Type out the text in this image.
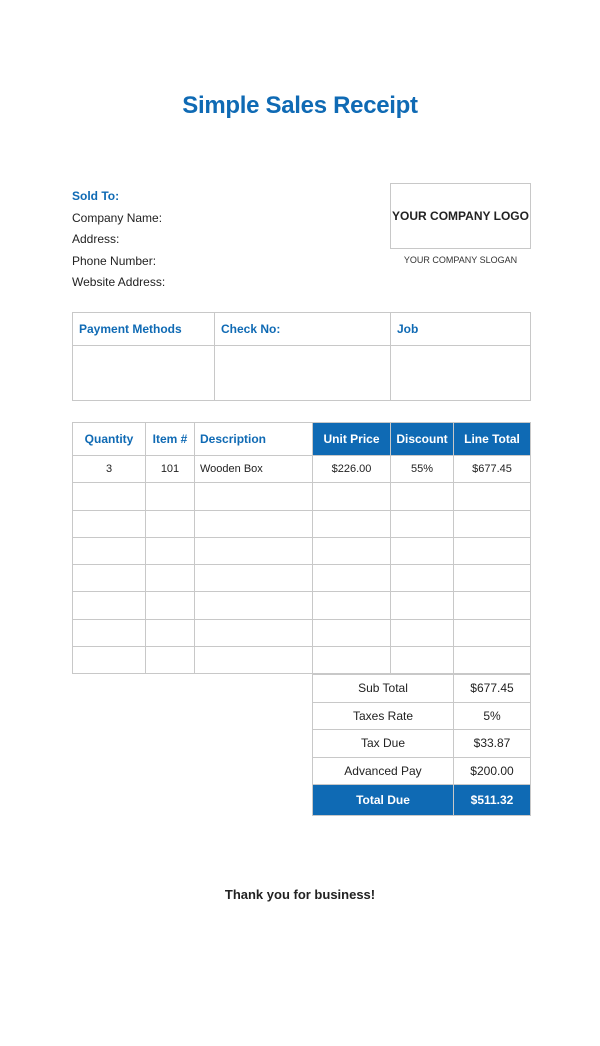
Simple Sales Receipt
Sold To:
Company Name:
Address:
Phone Number:
Website Address:
YOUR COMPANY LOGO
YOUR COMPANY SLOGAN
Payment Methods	Check No:	Job

Quantity	Item #	Description	Unit Price	Discount	Line Total
3	101	Wooden Box	$226.00	55%	$677.45

Sub Total	$677.45
Taxes Rate	5%
Tax Due	$33.87
Advanced Pay	$200.00
Total Due	$511.32
Thank you for business!
